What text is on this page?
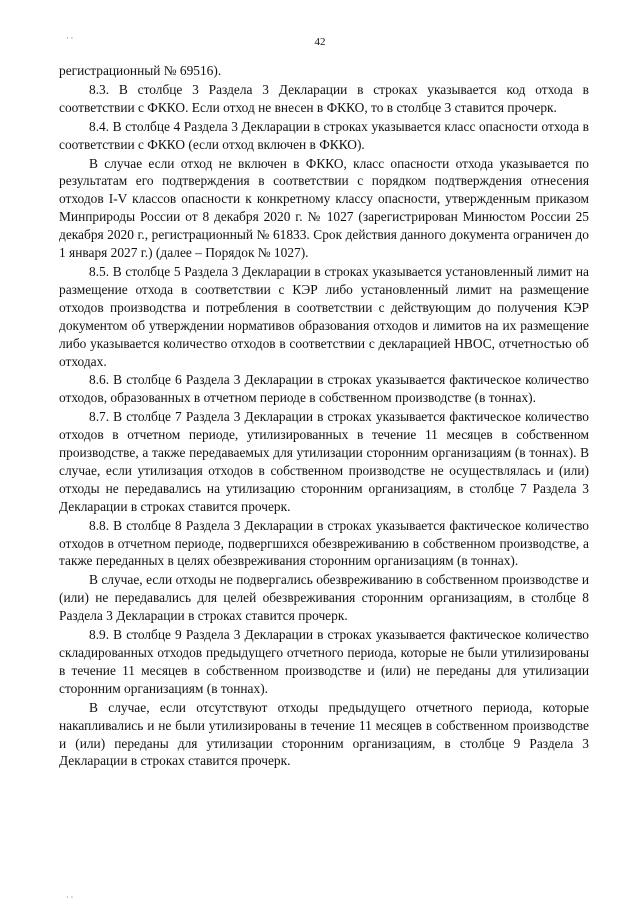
· ·	42

регистрационный № 69516).

8.3. В столбце 3 Раздела 3 Декларации в строках указывается код отхода в соответствии с ФККО. Если отход не внесен в ФККО, то в столбце 3 ставится прочерк.

8.4. В столбце 4 Раздела 3 Декларации в строках указывается класс опасности отхода в соответствии с ФККО (если отход включен в ФККО).

В случае если отход не включен в ФККО, класс опасности отхода указывается по результатам его подтверждения в соответствии с порядком подтверждения отнесения отходов I-V классов опасности к конкретному классу опасности, утвержденным приказом Минприроды России от 8 декабря 2020 г. № 1027 (зарегистрирован Минюстом России 25 декабря 2020 г., регистрационный № 61833. Срок действия данного документа ограничен до 1 января 2027 г.) (далее – Порядок № 1027).

8.5. В столбце 5 Раздела 3 Декларации в строках указывается установленный лимит на размещение отхода в соответствии с КЭР либо установленный лимит на размещение отходов производства и потребления в соответствии с действующим до получения КЭР документом об утверждении нормативов образования отходов и лимитов на их размещение либо указывается количество отходов в соответствии с декларацией НВОС, отчетностью об отходах.

8.6. В столбце 6 Раздела 3 Декларации в строках указывается фактическое количество отходов, образованных в отчетном периоде в собственном производстве (в тоннах).

8.7. В столбце 7 Раздела 3 Декларации в строках указывается фактическое количество отходов в отчетном периоде, утилизированных в течение 11 месяцев в собственном производстве, а также передаваемых для утилизации сторонним организациям (в тоннах). В случае, если утилизация отходов в собственном производстве не осуществлялась и (или) отходы не передавались на утилизацию сторонним организациям, в столбце 7 Раздела 3 Декларации в строках ставится прочерк.

8.8. В столбце 8 Раздела 3 Декларации в строках указывается фактическое количество отходов в отчетном периоде, подвергшихся обезвреживанию в собственном производстве, а также переданных в целях обезвреживания сторонним организациям (в тоннах).

В случае, если отходы не подвергались обезвреживанию в собственном производстве и (или) не передавались для целей обезвреживания сторонним организациям, в столбце 8 Раздела 3 Декларации в строках ставится прочерк.

8.9. В столбце 9 Раздела 3 Декларации в строках указывается фактическое количество складированных отходов предыдущего отчетного периода, которые не были утилизированы в течение 11 месяцев в собственном производстве и (или) не переданы для утилизации сторонним организациям (в тоннах).

В случае, если отсутствуют отходы предыдущего отчетного периода, которые накапливались и не были утилизированы в течение 11 месяцев в собственном производстве и (или) переданы для утилизации сторонним организациям, в столбце 9 Раздела 3 Декларации в строках ставится прочерк.

· ·
